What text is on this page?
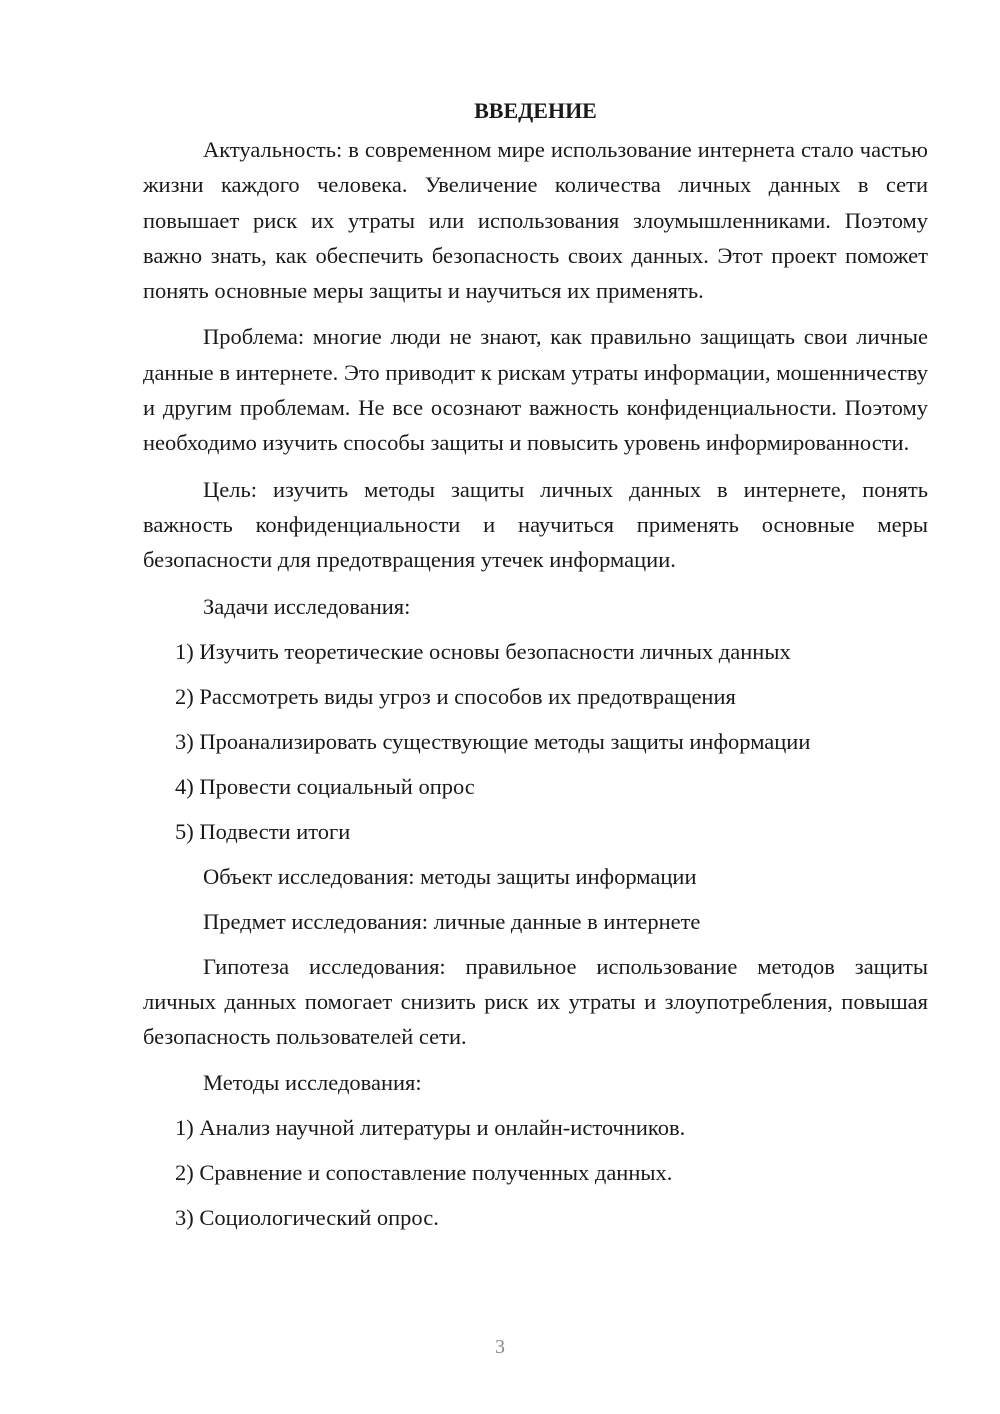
ВВЕДЕНИЕ

Актуальность: в современном мире использование интернета стало частью жизни каждого человека. Увеличение количества личных данных в сети повышает риск их утраты или использования злоумышленниками. Поэтому важно знать, как обеспечить безопасность своих данных. Этот проект поможет понять основные меры защиты и научиться их применять.

Проблема: многие люди не знают, как правильно защищать свои личные данные в интернете. Это приводит к рискам утраты информации, мошенничеству и другим проблемам. Не все осознают важность конфиденциальности. Поэтому необходимо изучить способы защиты и повысить уровень информированности.

Цель: изучить методы защиты личных данных в интернете, понять важность конфиденциальности и научиться применять основные меры безопасности для предотвращения утечек информации.

Задачи исследования:
1) Изучить теоретические основы безопасности личных данных
2) Рассмотреть виды угроз и способов их предотвращения
3) Проанализировать существующие методы защиты информации
4) Провести социальный опрос
5) Подвести итоги
Объект исследования: методы защиты информации
Предмет исследования: личные данные в интернете

Гипотеза исследования: правильное использование методов защиты личных данных помогает снизить риск их утраты и злоупотребления, повышая безопасность пользователей сети.

Методы исследования:
1) Анализ научной литературы и онлайн-источников.
2) Сравнение и сопоставление полученных данных.
3) Социологический опрос.
3
